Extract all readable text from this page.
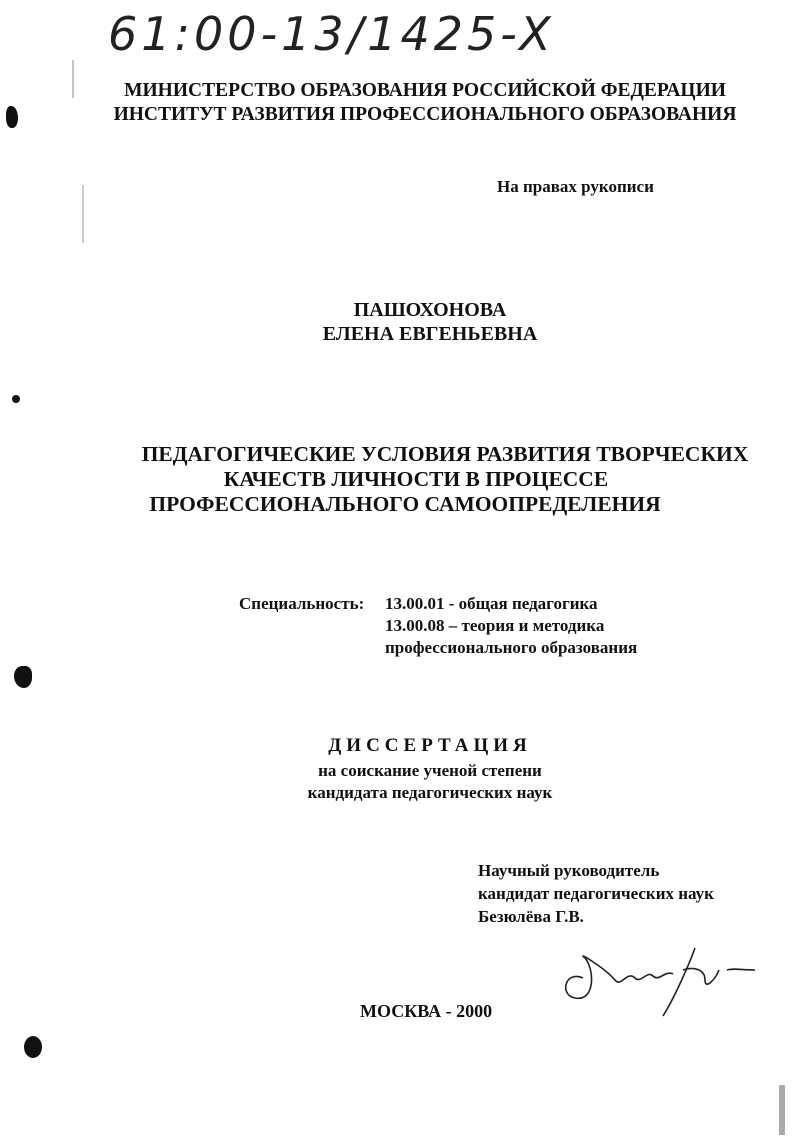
61:00-13/1425-X
МИНИСТЕРСТВО ОБРАЗОВАНИЯ РОССИЙСКОЙ ФЕДЕРАЦИИ
ИНСТИТУТ РАЗВИТИЯ ПРОФЕССИОНАЛЬНОГО ОБРАЗОВАНИЯ
На правах рукописи
ПАШОХОНОВА
ЕЛЕНА ЕВГЕНЬЕВНА
ПЕДАГОГИЧЕСКИЕ УСЛОВИЯ РАЗВИТИЯ ТВОРЧЕСКИХ
КАЧЕСТВ ЛИЧНОСТИ В ПРОЦЕССЕ
ПРОФЕССИОНАЛЬНОГО САМООПРЕДЕЛЕНИЯ
Специальность: 13.00.01 - общая педагогика
13.00.08 – теория и методика
профессионального образования
ДИССЕРТАЦИЯ
на соискание ученой степени
кандидата педагогических наук
Научный руководитель
кандидат педагогических наук
Безюлёва Г.В.
МОСКВА - 2000
